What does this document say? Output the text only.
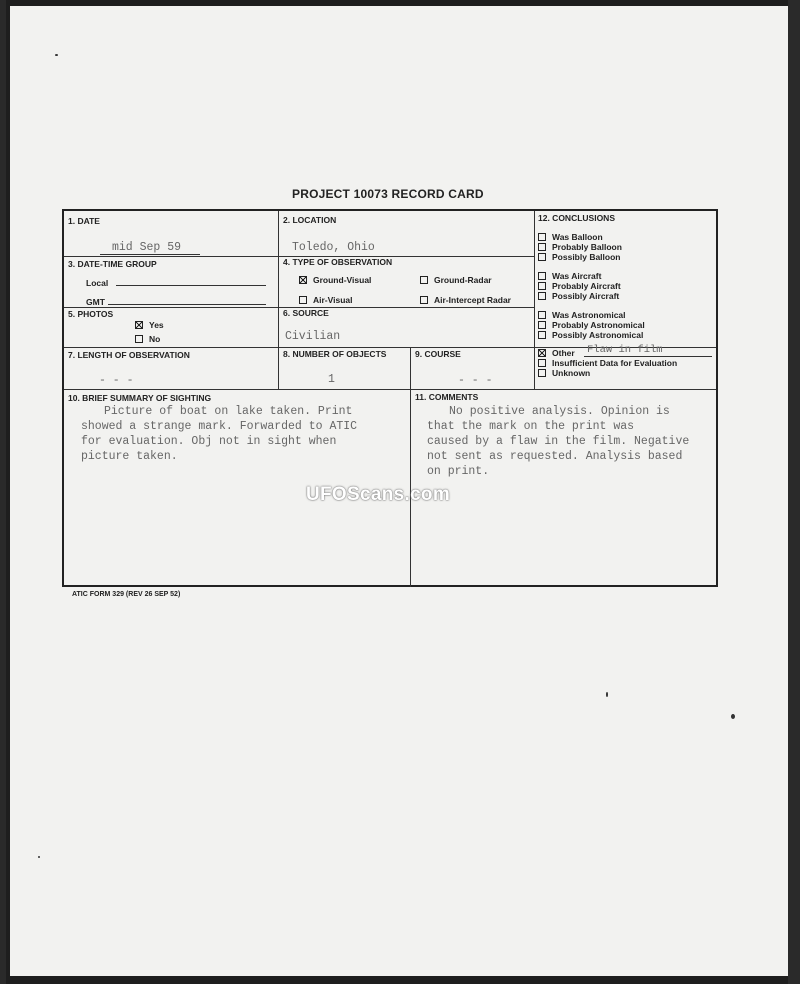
PROJECT 10073 RECORD CARD
1. DATE
mid Sep 59
2. LOCATION
Toledo, Ohio
3. DATE-TIME GROUP
Local
GMT
4. TYPE OF OBSERVATION
Ground-Visual	Ground-Radar
Air-Visual	Air-Intercept Radar
5. PHOTOS
Yes
No
6. SOURCE
Civilian
7. LENGTH OF OBSERVATION
- - -
8. NUMBER OF OBJECTS
1
9. COURSE
- - -
10. BRIEF SUMMARY OF SIGHTING
Picture of boat on lake taken. Print
showed a strange mark. Forwarded to ATIC
for evaluation. Obj not in sight when
picture taken.
11. COMMENTS
No positive analysis. Opinion is
that the mark on the print was
caused by a flaw in the film. Negative
not sent as requested. Analysis based
on print.
12. CONCLUSIONS
Was Balloon
Probably Balloon
Possibly Balloon
Was Aircraft
Probably Aircraft
Possibly Aircraft
Was Astronomical
Probably Astronomical
Possibly Astronomical
Other Flaw in film
Insufficient Data for Evaluation
Unknown
UFOScans.com
ATIC FORM 329 (REV 26 SEP 52)
